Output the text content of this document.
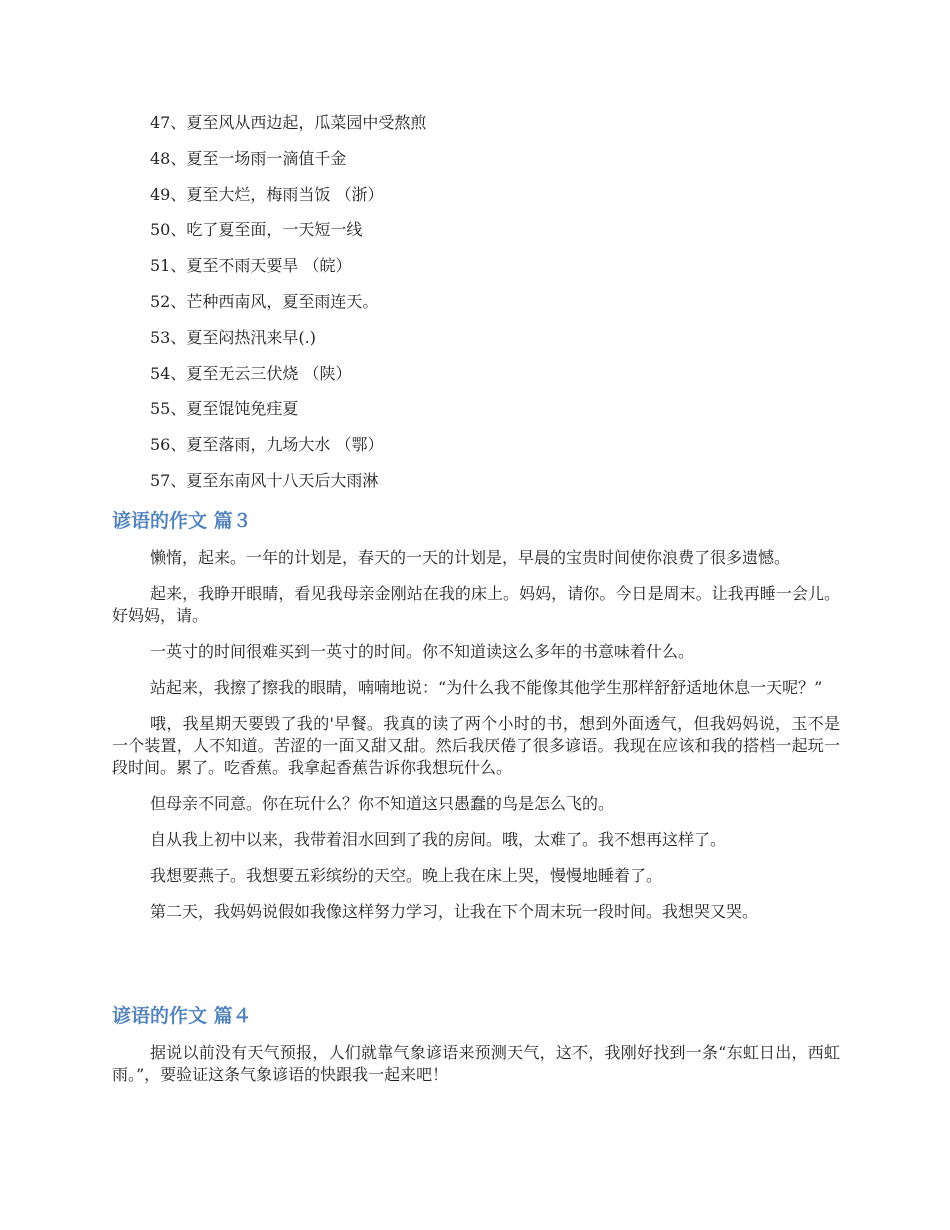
47、夏至风从西边起，瓜菜园中受熬煎
48、夏至一场雨一滴值千金
49、夏至大烂，梅雨当饭 （浙）
50、吃了夏至面，一天短一线
51、夏至不雨天要旱 （皖）
52、芒种西南风，夏至雨连天。
53、夏至闷热汛来早(.)
54、夏至无云三伏烧 （陕）
55、夏至馄饨免疰夏
56、夏至落雨，九场大水 （鄂）
57、夏至东南风十八天后大雨淋
谚语的作文 篇３

懒惰，起来。一年的计划是，春天的一天的计划是，早晨的宝贵时间使你浪费了很多遗憾。

起来，我睁开眼睛，看见我母亲金刚站在我的床上。妈妈，请你。今日是周末。让我再睡一会儿。好妈妈，请。

一英寸的时间很难买到一英寸的时间。你不知道读这么多年的书意味着什么。

站起来，我擦了擦我的眼睛，喃喃地说：“为什么我不能像其他学生那样舒舒适地休息一天呢？”

哦，我星期天要毁了我的'早餐。我真的读了两个小时的书，想到外面透气，但我妈妈说，玉不是一个装置，人不知道。苦涩的一面又甜又甜。然后我厌倦了很多谚语。我现在应该和我的搭档一起玩一段时间。累了。吃香蕉。我拿起香蕉告诉你我想玩什么。

但母亲不同意。你在玩什么？你不知道这只愚蠢的鸟是怎么飞的。

自从我上初中以来，我带着泪水回到了我的房间。哦，太难了。我不想再这样了。

我想要燕子。我想要五彩缤纷的天空。晚上我在床上哭，慢慢地睡着了。

第二天，我妈妈说假如我像这样努力学习，让我在下个周末玩一段时间。我想哭又哭。

谚语的作文 篇４

据说以前没有天气预报，人们就靠气象谚语来预测天气，这不，我刚好找到一条“东虹日出，西虹雨。”，要验证这条气象谚语的快跟我一起来吧！
